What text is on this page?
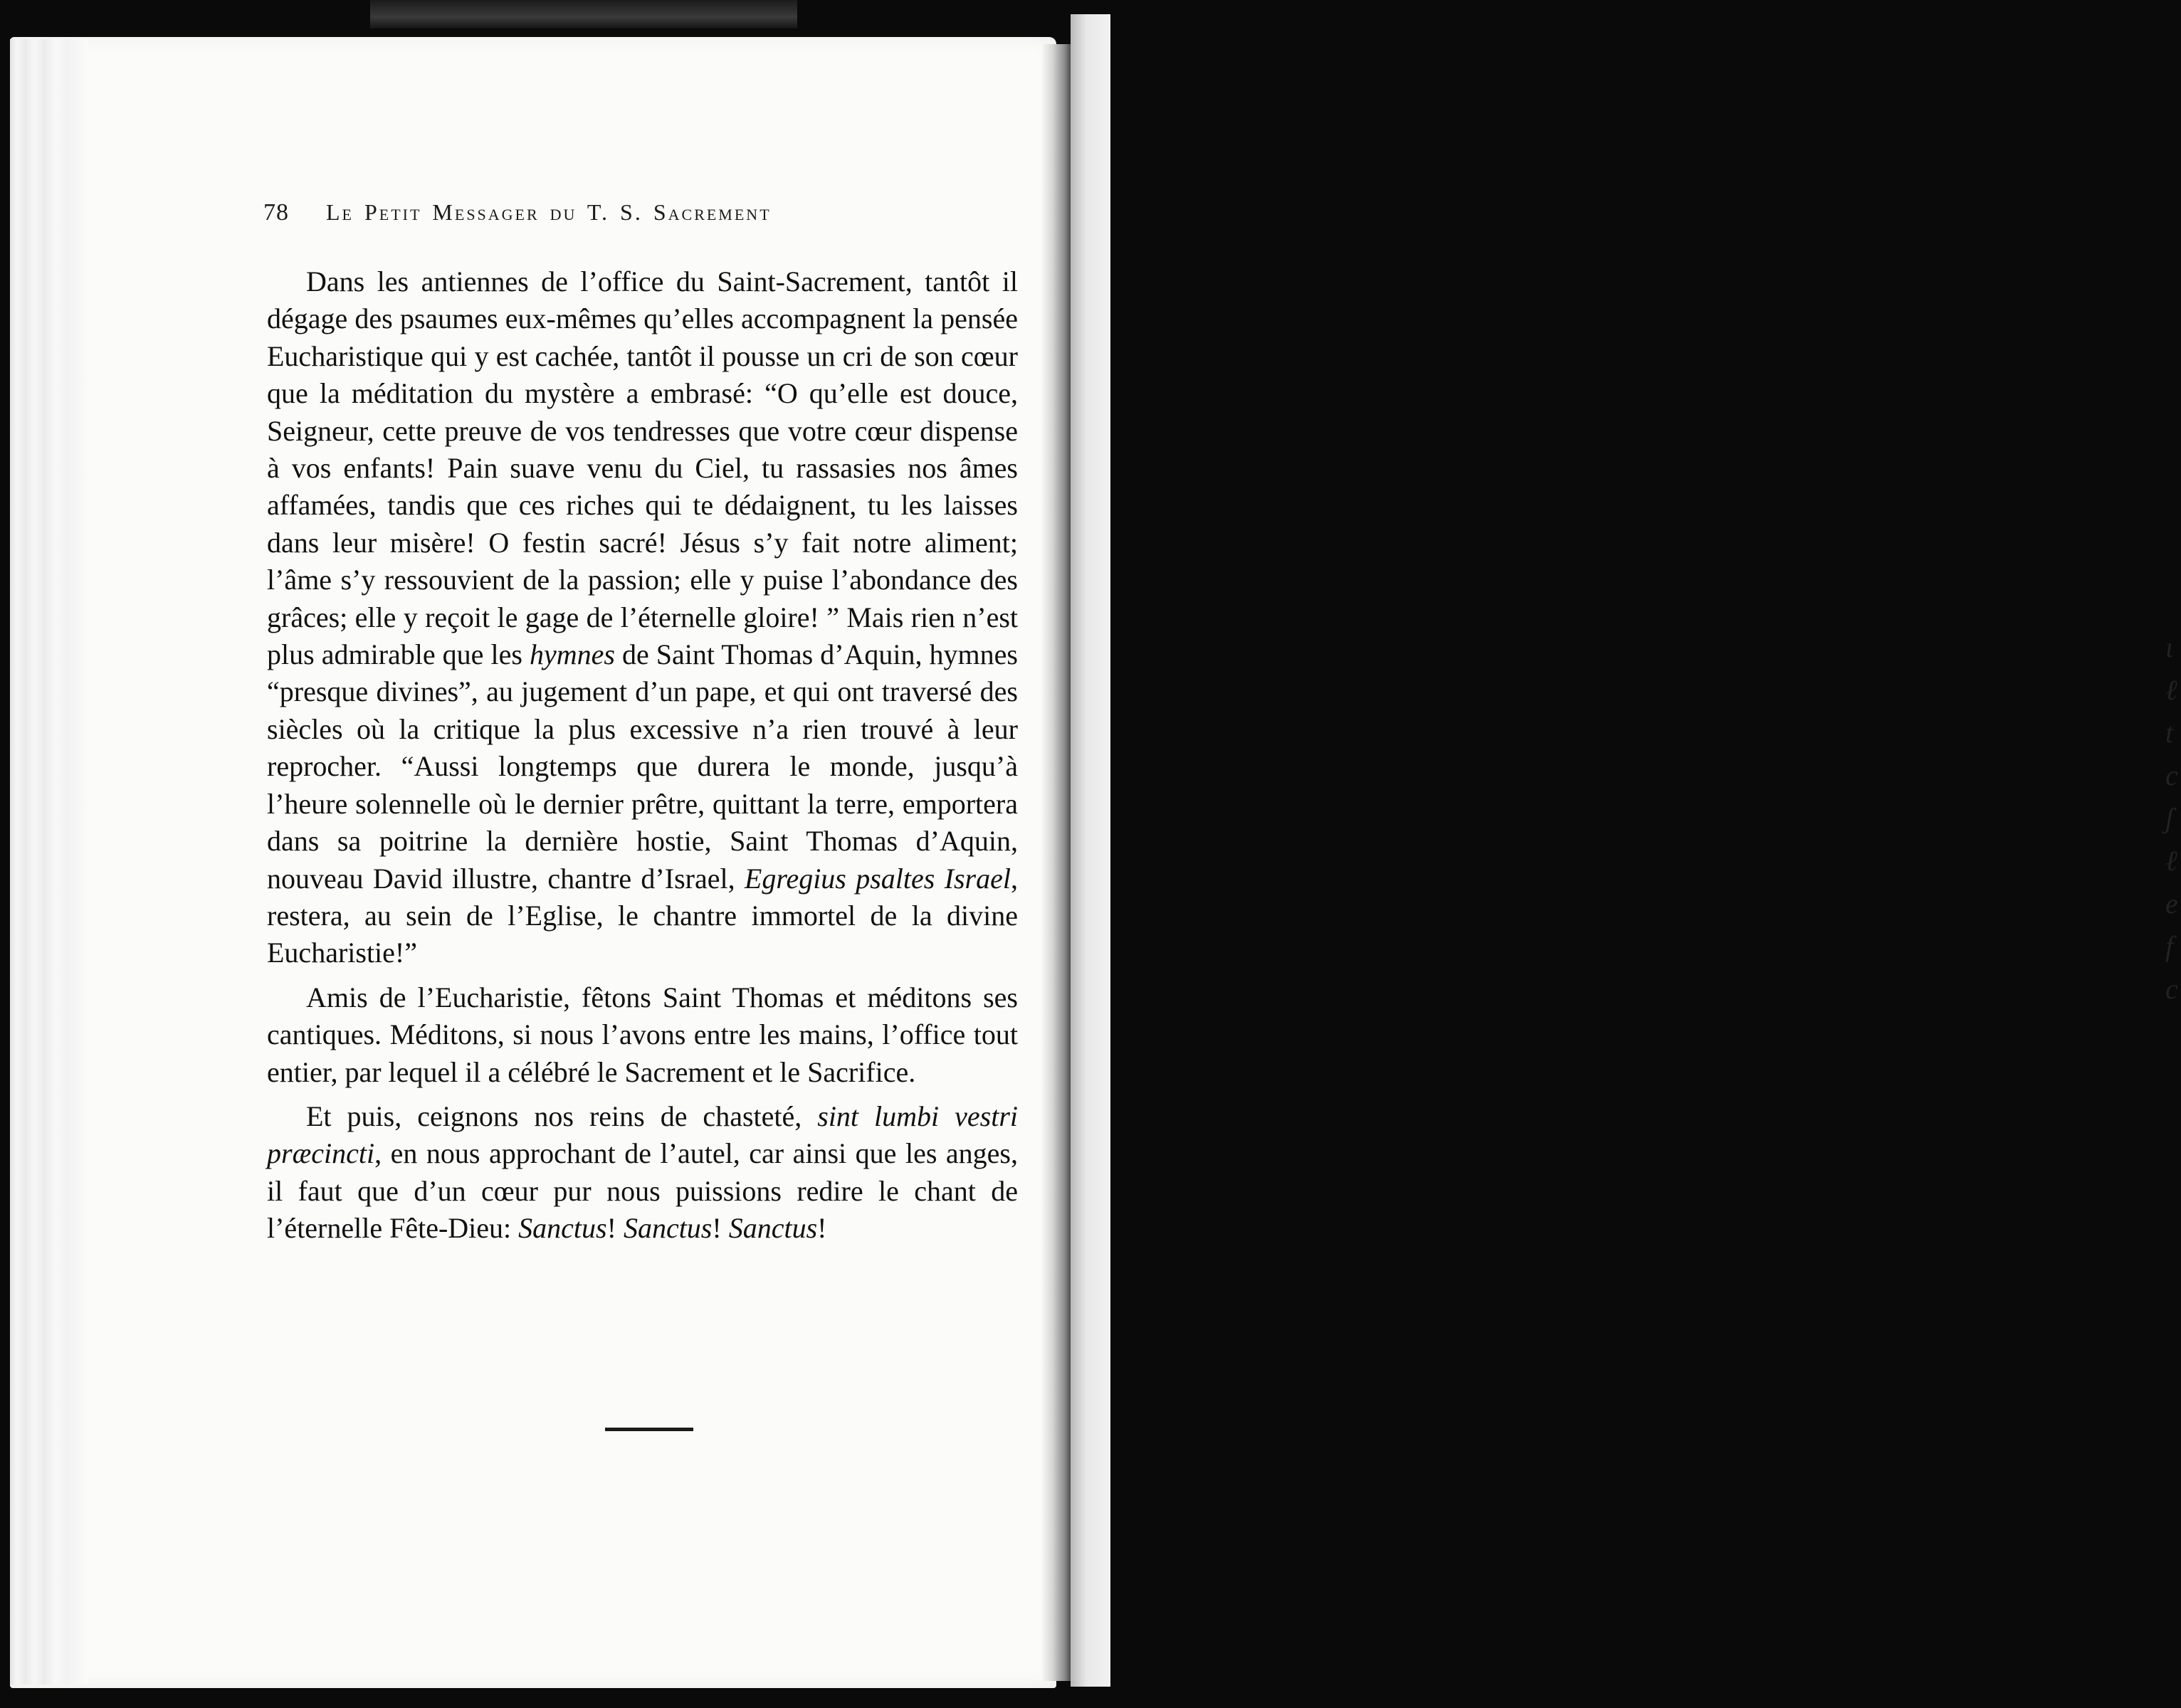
ɩ
ℓ
t
c
ʃ
ℓ
e
f
c
78 Le Petit Messager du T. S. Sacrement

Dans les antiennes de l’office du Saint-Sacrement, tantôt il dégage des psaumes eux-mêmes qu’elles accompagnent la pensée Eucharistique qui y est cachée, tantôt il pousse un cri de son cœur que la méditation du mystère a embrasé: “O qu’elle est douce, Seigneur, cette preuve de vos tendresses que votre cœur dispense à vos enfants! Pain suave venu du Ciel, tu rassasies nos âmes affamées, tandis que ces riches qui te dédaignent, tu les laisses dans leur misère! O festin sacré! Jésus s’y fait notre aliment; l’âme s’y ressouvient de la passion; elle y puise l’abondance des grâces; elle y reçoit le gage de l’éternelle gloire! ” Mais rien n’est plus admirable que les hymnes de Saint Thomas d’Aquin, hymnes “presque divines”, au jugement d’un pape, et qui ont traversé des siècles où la critique la plus excessive n’a rien trouvé à leur reprocher. “Aussi longtemps que durera le monde, jusqu’à l’heure solennelle où le dernier prêtre, quittant la terre, emportera dans sa poitrine la dernière hostie, Saint Thomas d’Aquin, nouveau David illustre, chantre d’Israel, Egregius psaltes Israel, restera, au sein de l’Eglise, le chantre immortel de la divine Eucharistie!”

Amis de l’Eucharistie, fêtons Saint Thomas et méditons ses cantiques. Méditons, si nous l’avons entre les mains, l’office tout entier, par lequel il a célébré le Sacrement et le Sacrifice.

Et puis, ceignons nos reins de chasteté, sint lumbi vestri præcincti, en nous approchant de l’autel, car ainsi que les anges, il faut que d’un cœur pur nous puissions redire le chant de l’éternelle Fête-Dieu: Sanctus! Sanctus! Sanctus!
